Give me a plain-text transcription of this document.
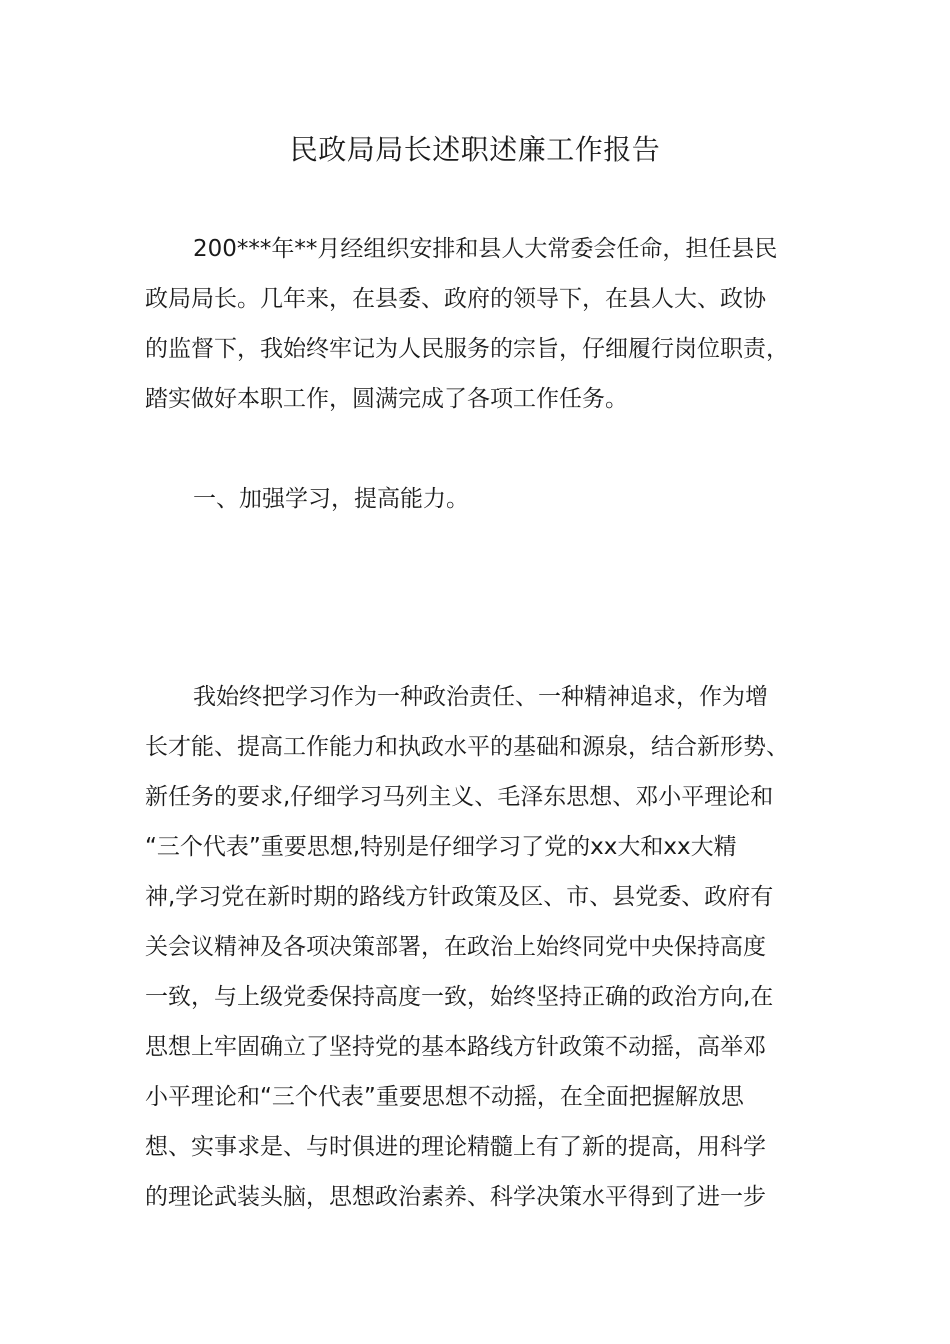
民政局局长述职述廉工作报告
200***年**月经组织安排和县人大常委会任命，担任县民
政局局长。几年来，在县委、政府的领导下，在县人大、政协
的监督下，我始终牢记为人民服务的宗旨，仔细履行岗位职责，
踏实做好本职工作，圆满完成了各项工作任务。
一、加强学习，提高能力。
我始终把学习作为一种政治责任、一种精神追求，作为增
长才能、提高工作能力和执政水平的基础和源泉，结合新形势、
新任务的要求,仔细学习马列主义、毛泽东思想、邓小平理论和
“三个代表”重要思想,特别是仔细学习了党的xx大和xx大精
神,学习党在新时期的路线方针政策及区、市、县党委、政府有
关会议精神及各项决策部署，在政治上始终同党中央保持高度
一致，与上级党委保持高度一致，始终坚持正确的政治方向,在
思想上牢固确立了坚持党的基本路线方针政策不动摇，高举邓
小平理论和“三个代表”重要思想不动摇，在全面把握解放思
想、实事求是、与时俱进的理论精髓上有了新的提高，用科学
的理论武装头脑，思想政治素养、科学决策水平得到了进一步
